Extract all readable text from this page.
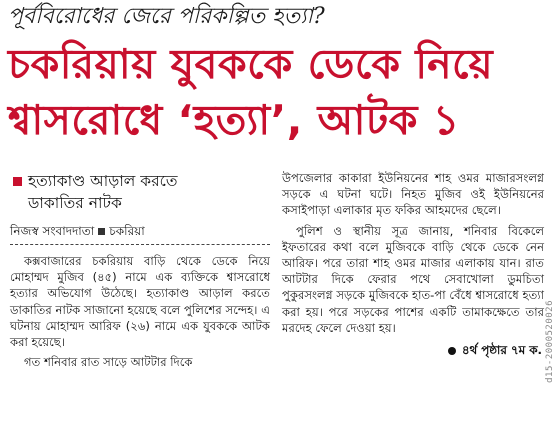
পূর্ববিরোধের জেরে পরিকল্পিত হত্যা?
চকরিয়ায় যুবককে ডেকে নিয়ে
শ্বাসরোধে ‘হত্যা’, আটক ১
হত্যাকাণ্ড আড়াল করতে
ডাকাতির নাটক
নিজস্ব সংবাদদাতা চকরিয়া
কক্সবাজারের চকরিয়ায় বাড়ি থেকে ডেকে নিয়ে মোহাম্মদ মুজিব (৪৫) নামে এক ব্যক্তিকে শ্বাসরোধে হত্যার অভিযোগ উঠেছে। হত্যাকাণ্ড আড়াল করতে ডাকাতির নাটক সাজানো হয়েছে বলে পুলিশের সন্দেহ। এ ঘটনায় মোহাম্মদ আরিফ (২৬) নামে এক যুবককে আটক করা হয়েছে।
গত শনিবার রাত সাড়ে আটটার দিকে
উপজেলার কাকারা ইউনিয়নের শাহ ওমর মাজারসংলগ্ন সড়কে এ ঘটনা ঘটে। নিহত মুজিব ওই ইউনিয়নের কসাইপাড়া এলাকার মৃত ফকির আহমদের ছেলে।
পুলিশ ও স্থানীয় সূত্র জানায়, শনিবার বিকেলে ইফতারের কথা বলে মুজিবকে বাড়ি থেকে ডেকে নেন আরিফ। পরে তারা শাহ ওমর মাজার এলাকায় যান। রাত আটটার দিকে ফেরার পথে সেবাখোলা ডুমচিতা পুকুরসংলগ্ন সড়কে মুজিবকে হাত-পা বেঁধে শ্বাসরোধে হত্যা করা হয়। পরে সড়কের পাশের একটি তামাকক্ষেতে তার মরদেহ ফেলে দেওয়া হয়।
৪র্থ পৃষ্ঠার ৭ম ক. d15-2000520026
